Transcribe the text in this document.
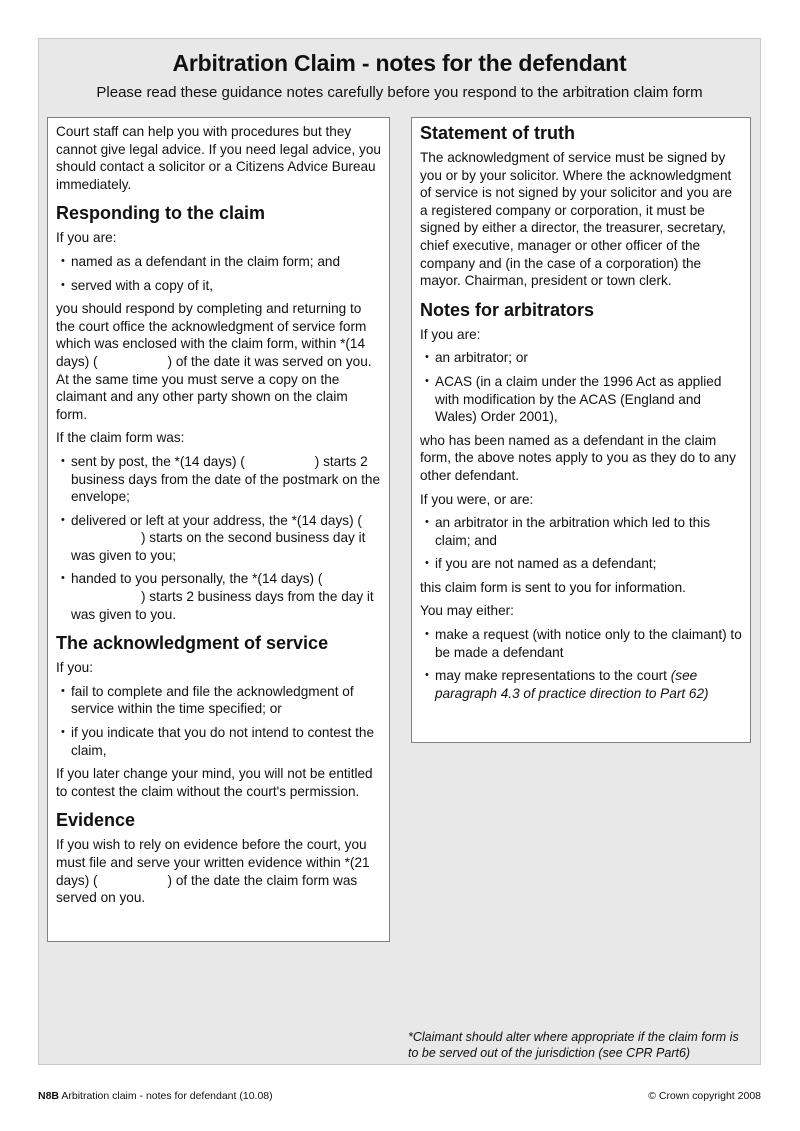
Arbitration Claim - notes for the defendant
Please read these guidance notes carefully before you respond to the arbitration claim form

Court staff can help you with procedures but they cannot give legal advice. If you need legal advice, you should contact a solicitor or a Citizens Advice Bureau immediately.

Responding to the claim

If you are:

• named as a defendant in the claim form; and
• served with a copy of it,

you should respond by completing and returning to the court office the acknowledgment of service form which was enclosed with the claim form, within *(14 days) (	) of the date it was served on you. At the same time you must serve a copy on the claimant and any other party shown on the claim form.

If the claim form was:

• sent by post, the *(14 days) (	) starts 2 business days from the date of the postmark on the envelope;
• delivered or left at your address, the *(14 days) () starts on the second business day it was given to you;
• handed to you personally, the *(14 days) () starts 2 business days from the day it was given to you.
The acknowledgment of service

If you:

• fail to complete and file the acknowledgment of service within the time specified; or
• if you indicate that you do not intend to contest the claim,

If you later change your mind, you will not be entitled to contest the claim without the court's permission.

Evidence

If you wish to rely on evidence before the court, you must file and serve your written evidence within *(21 days) (	) of the date the claim form was served on you.

Statement of truth

The acknowledgment of service must be signed by you or by your solicitor. Where the acknowledgment of service is not signed by your solicitor and you are a registered company or corporation, it must be signed by either a director, the treasurer, secretary, chief executive, manager or other officer of the company and (in the case of a corporation) the mayor. Chairman, president or town clerk.

Notes for arbitrators

If you are:

• an arbitrator; or
• ACAS (in a claim under the 1996 Act as applied with modification by the ACAS (England and Wales) Order 2001),

who has been named as a defendant in the claim form, the above notes apply to you as they do to any other defendant.

If you were, or are:

• an arbitrator in the arbitration which led to this claim; and
• if you are not named as a defendant;

this claim form is sent to you for information.

You may either:

• make a request (with notice only to the claimant) to be made a defendant
• may make representations to the court (see paragraph 4.3 of practice direction to Part 62)
*Claimant should alter where appropriate if the claim form is to be served out of the jurisdiction (see CPR Part6)
N8B Arbitration claim - notes for defendant (10.08)	© Crown copyright 2008
